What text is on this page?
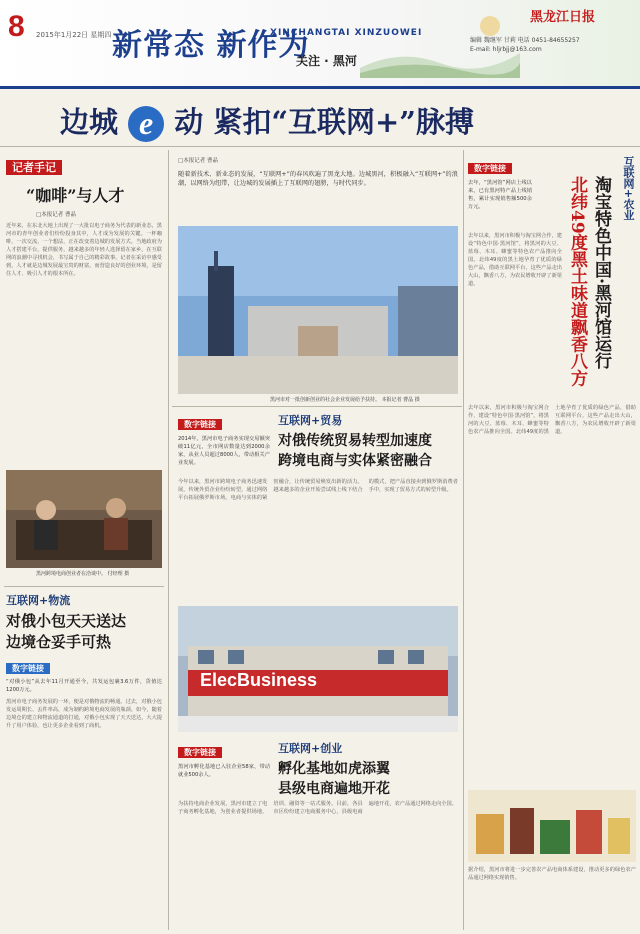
8 2015年1月22日 星期四 新常态 新作为
XINCHANGTAI XINZUOWEI
关注 · 黑河
黑龙江日报
编辑 魏继军 甘莉 电话 0451-84655257
E-mail: hljrbjj@163.com
边城 e 动 紧扣“互联网+”脉搏
记者手记
“咖啡”与人才
□本报记者 曹晶
近年来，在东北大地上出现了一大批以电子商务为代表的新业态，黑河市的青年创业者们纷纷投身其中，人才成为发展的关键。一杯咖啡，一次交流，一个想法，正在改变着边城的发展方式。当地政府为人才搭建平台，提供服务，越来越多的年轻人选择留在家乡，在互联网的浪潮中寻找机会，书写属于自己的精彩故事。记者在采访中感受到，人才就是边城发展最宝贵的财富，而营造良好的创业环境，是留住人才、吸引人才的根本所在。
黑河跨境电商创业者在洽谈中。 付经理 摄
互联网+物流
对俄小包天天送达
边境仓妥手可热
数字链接
“对俄小包”从去年11月开通至今，共发运包裹3.6万件，货值达1200万元。
黑河市电子商务发展的一环，便是对俄物流的畅通。过去，对俄小包发运周期长、丢件率高，成为制约跨境电商发展的瓶颈。如今，随着边境仓的建立和物流通道的打通，对俄小包实现了天天送达，大大提升了用户体验，也让更多企业看到了商机。
□本报记者 曹晶
随着新技术、新业态的发展，“互联网+”的春风吹遍了黑龙大地。边城黑河，积极融入“互联网+”的浪潮，以网络为纽带，让边城的发展插上了互联网的翅膀，与时代同步。
黑河市对一批创新创业的社会企业发展给予扶持。 本报记者 曹晶 摄
数字链接
2014年，黑河市电子商务实现交易额突破11亿元，全市网店数量达到2000余家，从业人员超过8000人，带动相关产业发展。
互联网+贸易
对俄传统贸易转型加速度
跨境电商与实体紧密融合
今年以来，黑河市跨境电子商务迅速发展，传统外贸企业纷纷转型，通过网络平台拓展俄罗斯市场。电商与实体的紧密融合，让传统贸易焕发出新的活力。越来越多的企业开始尝试线上线下结合的模式，把产品直接卖到俄罗斯消费者手中，实现了贸易方式的转型升级。
ElecBusiness
数字链接
黑河市孵化基地已入驻企业58家，带动就业500余人。
互联网+创业
孵化基地如虎添翼
县级电商遍地开花
为扶持电商企业发展，黑河市建立了电子商务孵化基地，为创业者提供场地、培训、融资等一站式服务。目前，各县市区纷纷建立电商服务中心，县级电商遍地开花，农产品通过网络走向全国。
数字链接
去年，“黑河馆”网店上线以来，已有黑河特产品上线销售，累计实现销售额500余万元。	互联网+农业
淘宝特色中国·黑河馆运行
北纬49度黑土味道飘香八方
去年以来，黑河市积极与淘宝网合作，建设“特色中国·黑河馆”，将黑河的大豆、蓝莓、木耳、蜂蜜等特色农产品推向全国。北纬49度的黑土地孕育了优质的绿色产品，借助互联网平台，这些产品走出大山，飘香八方，为农民增收开辟了新渠道。
去年以来，黑河市积极与淘宝网合作，建设“特色中国·黑河馆”，将黑河的大豆、蓝莓、木耳、蜂蜜等特色农产品推向全国。北纬49度的黑土地孕育了优质的绿色产品，借助互联网平台，这些产品走出大山，飘香八方，为农民增收开辟了新渠道。
据介绍，黑河市将进一步完善农产品电商体系建设，推动更多的绿色农产品通过网络实现销售。
